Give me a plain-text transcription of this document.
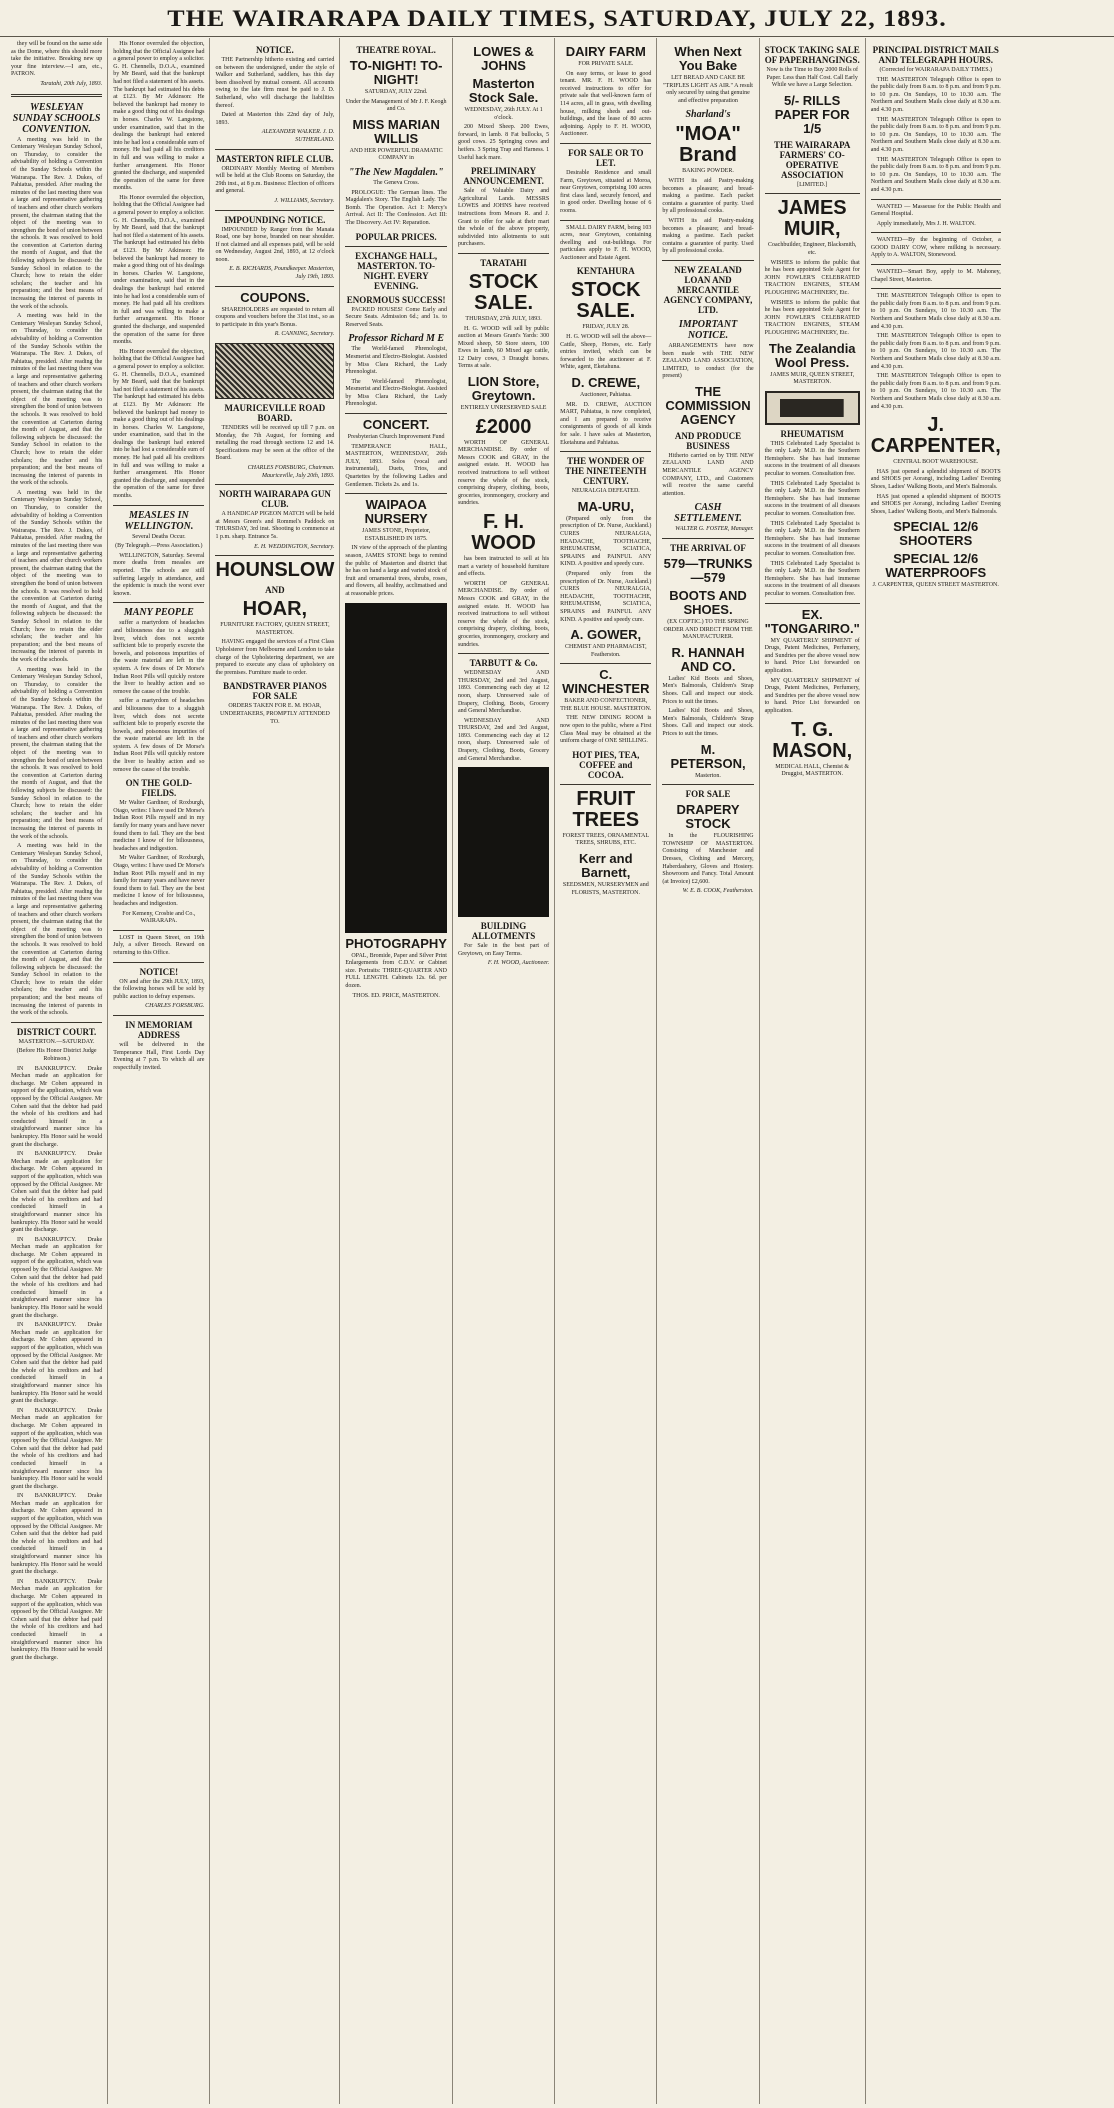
THE WAIRARAPA DAILY TIMES, SATURDAY, JULY 22, 1893.

they will be found on the same side as the Dome, where this should more take the initiative. Breaking new up your fine interview.—I am, etc., PATRON.

Taratahi, 20th July, 1893.

WESLEYAN SUNDAY SCHOOLS CONVENTION.

A meeting was held in the Centenary Wesleyan Sunday School, on Thursday, to consider the advisability of holding a Convention of the Sunday Schools within the Wairarapa. The Rev. J. Dukes, of Pahiatua, presided. After reading the minutes of the last meeting there was a large and representative gathering of teachers and other church workers present, the chairman stating that the object of the meeting was to strengthen the bond of union between the schools. It was resolved to hold the convention at Carterton during the month of August, and that the following subjects be discussed: the Sunday School in relation to the Church; how to retain the elder scholars; the teacher and his preparation; and the best means of increasing the interest of parents in the work of the schools.

A meeting was held in the Centenary Wesleyan Sunday School, on Thursday, to consider the advisability of holding a Convention of the Sunday Schools within the Wairarapa. The Rev. J. Dukes, of Pahiatua, presided. After reading the minutes of the last meeting there was a large and representative gathering of teachers and other church workers present, the chairman stating that the object of the meeting was to strengthen the bond of union between the schools. It was resolved to hold the convention at Carterton during the month of August, and that the following subjects be discussed: the Sunday School in relation to the Church; how to retain the elder scholars; the teacher and his preparation; and the best means of increasing the interest of parents in the work of the schools.

A meeting was held in the Centenary Wesleyan Sunday School, on Thursday, to consider the advisability of holding a Convention of the Sunday Schools within the Wairarapa. The Rev. J. Dukes, of Pahiatua, presided. After reading the minutes of the last meeting there was a large and representative gathering of teachers and other church workers present, the chairman stating that the object of the meeting was to strengthen the bond of union between the schools. It was resolved to hold the convention at Carterton during the month of August, and that the following subjects be discussed: the Sunday School in relation to the Church; how to retain the elder scholars; the teacher and his preparation; and the best means of increasing the interest of parents in the work of the schools.

A meeting was held in the Centenary Wesleyan Sunday School, on Thursday, to consider the advisability of holding a Convention of the Sunday Schools within the Wairarapa. The Rev. J. Dukes, of Pahiatua, presided. After reading the minutes of the last meeting there was a large and representative gathering of teachers and other church workers present, the chairman stating that the object of the meeting was to strengthen the bond of union between the schools. It was resolved to hold the convention at Carterton during the month of August, and that the following subjects be discussed: the Sunday School in relation to the Church; how to retain the elder scholars; the teacher and his preparation; and the best means of increasing the interest of parents in the work of the schools.

A meeting was held in the Centenary Wesleyan Sunday School, on Thursday, to consider the advisability of holding a Convention of the Sunday Schools within the Wairarapa. The Rev. J. Dukes, of Pahiatua, presided. After reading the minutes of the last meeting there was a large and representative gathering of teachers and other church workers present, the chairman stating that the object of the meeting was to strengthen the bond of union between the schools. It was resolved to hold the convention at Carterton during the month of August, and that the following subjects be discussed: the Sunday School in relation to the Church; how to retain the elder scholars; the teacher and his preparation; and the best means of increasing the interest of parents in the work of the schools.

DISTRICT COURT.

MASTERTON.—SATURDAY.

(Before His Honor District Judge Robinson.)

IN BANKRUPTCY. Drake Mechan made an application for discharge. Mr Cohen appeared in support of the application, which was opposed by the Official Assignee. Mr Cohen said that the debtor had paid the whole of his creditors and had conducted himself in a straightforward manner since his bankruptcy. His Honor said he would grant the discharge.

IN BANKRUPTCY. Drake Mechan made an application for discharge. Mr Cohen appeared in support of the application, which was opposed by the Official Assignee. Mr Cohen said that the debtor had paid the whole of his creditors and had conducted himself in a straightforward manner since his bankruptcy. His Honor said he would grant the discharge.

IN BANKRUPTCY. Drake Mechan made an application for discharge. Mr Cohen appeared in support of the application, which was opposed by the Official Assignee. Mr Cohen said that the debtor had paid the whole of his creditors and had conducted himself in a straightforward manner since his bankruptcy. His Honor said he would grant the discharge.

IN BANKRUPTCY. Drake Mechan made an application for discharge. Mr Cohen appeared in support of the application, which was opposed by the Official Assignee. Mr Cohen said that the debtor had paid the whole of his creditors and had conducted himself in a straightforward manner since his bankruptcy. His Honor said he would grant the discharge.

IN BANKRUPTCY. Drake Mechan made an application for discharge. Mr Cohen appeared in support of the application, which was opposed by the Official Assignee. Mr Cohen said that the debtor had paid the whole of his creditors and had conducted himself in a straightforward manner since his bankruptcy. His Honor said he would grant the discharge.

IN BANKRUPTCY. Drake Mechan made an application for discharge. Mr Cohen appeared in support of the application, which was opposed by the Official Assignee. Mr Cohen said that the debtor had paid the whole of his creditors and had conducted himself in a straightforward manner since his bankruptcy. His Honor said he would grant the discharge.

IN BANKRUPTCY. Drake Mechan made an application for discharge. Mr Cohen appeared in support of the application, which was opposed by the Official Assignee. Mr Cohen said that the debtor had paid the whole of his creditors and had conducted himself in a straightforward manner since his bankruptcy. His Honor said he would grant the discharge.

His Honor overruled the objection, holding that the Official Assignee had a general power to employ a solicitor. G. H. Chennells, D.O.A., examined by Mr Beard, said that the bankrupt had not filed a statement of his assets. The bankrupt had estimated his debts at £123. By Mr Atkinson: He believed the bankrupt had money to make a good thing out of his dealings in horses. Charles W. Langstone, under examination, said that in the dealings the bankrupt had entered into he had lost a considerable sum of money. He had paid all his creditors in full and was willing to make a further arrangement. His Honor granted the discharge, and suspended the operation of the same for three months.

His Honor overruled the objection, holding that the Official Assignee had a general power to employ a solicitor. G. H. Chennells, D.O.A., examined by Mr Beard, said that the bankrupt had not filed a statement of his assets. The bankrupt had estimated his debts at £123. By Mr Atkinson: He believed the bankrupt had money to make a good thing out of his dealings in horses. Charles W. Langstone, under examination, said that in the dealings the bankrupt had entered into he had lost a considerable sum of money. He had paid all his creditors in full and was willing to make a further arrangement. His Honor granted the discharge, and suspended the operation of the same for three months.

His Honor overruled the objection, holding that the Official Assignee had a general power to employ a solicitor. G. H. Chennells, D.O.A., examined by Mr Beard, said that the bankrupt had not filed a statement of his assets. The bankrupt had estimated his debts at £123. By Mr Atkinson: He believed the bankrupt had money to make a good thing out of his dealings in horses. Charles W. Langstone, under examination, said that in the dealings the bankrupt had entered into he had lost a considerable sum of money. He had paid all his creditors in full and was willing to make a further arrangement. His Honor granted the discharge, and suspended the operation of the same for three months.

MEASLES IN WELLINGTON.

Several Deaths Occur.

(By Telegraph.—Press Association.)

WELLINGTON, Saturday. Several more deaths from measles are reported. The schools are still suffering largely in attendance, and the epidemic is much the worst ever known.

MANY PEOPLE

suffer a martyrdom of headaches and biliousness due to a sluggish liver, which does not secrete sufficient bile to properly excrete the bowels, and poisonous impurities of the waste material are left in the system. A few doses of Dr Morse's Indian Root Pills will quickly restore the liver to healthy action and so remove the cause of the trouble.

suffer a martyrdom of headaches and biliousness due to a sluggish liver, which does not secrete sufficient bile to properly excrete the bowels, and poisonous impurities of the waste material are left in the system. A few doses of Dr Morse's Indian Root Pills will quickly restore the liver to healthy action and so remove the cause of the trouble.

ON THE GOLD-FIELDS.

Mr Walter Gardiner, of Roxburgh, Otago, writes: I have used Dr Morse's Indian Root Pills myself and in my family for many years and have never found them to fail. They are the best medicine I know of for biliousness, headaches and indigestion.

Mr Walter Gardiner, of Roxburgh, Otago, writes: I have used Dr Morse's Indian Root Pills myself and in my family for many years and have never found them to fail. They are the best medicine I know of for biliousness, headaches and indigestion.

For Kemeny, Crosbie and Co., WAIRARAPA.

LOST in Queen Street, on 19th July, a silver Brooch. Reward on returning to this Office.

NOTICE!

ON and after the 29th JULY, 1893, the following horses will be sold by public auction to defray expenses.

CHARLES FORSBURG.

IN MEMORIAM ADDRESS

will be delivered in the Temperance Hall, First Lords Day Evening at 7 p.m. To which all are respectfully invited.

NOTICE.

THE Partnership hitherto existing and carried on between the undersigned, under the style of Walker and Sutherland, saddlers, has this day been dissolved by mutual consent. All accounts owing to the late firm must be paid to J. D. Sutherland, who will discharge the liabilities thereof.

Dated at Masterton this 22nd day of July, 1893.

ALEXANDER WALKER. J. D. SUTHERLAND.

MASTERTON RIFLE CLUB.

ORDINARY Monthly Meeting of Members will be held at the Club Rooms on Saturday, the 29th inst., at 8 p.m. Business: Election of officers and general.

J. WILLIAMS, Secretary.

IMPOUNDING NOTICE.

IMPOUNDED by Ranger from the Manaia Road, one bay horse, branded on near shoulder. If not claimed and all expenses paid, will be sold on Wednesday, August 2nd, 1893, at 12 o'clock noon.

E. B. RICHARDS, Poundkeeper. Masterton, July 19th, 1893.

COUPONS.

SHAREHOLDERS are requested to return all coupons and vouchers before the 31st inst., so as to participate in this year's Bonus.

R. CANNING, Secretary.

MAURICEVILLE ROAD BOARD.

TENDERS will be received up till 7 p.m. on Monday, the 7th August, for forming and metalling the road through sections 12 and 14. Specifications may be seen at the office of the Board.

CHARLES FORSBURG, Chairman. Mauriceville, July 20th, 1893.

NORTH WAIRARAPA GUN CLUB.

A HANDICAP PIGEON MATCH will be held at Messrs Green's and Rommel's Paddock on THURSDAY, 3rd inst. Shooting to commence at 1 p.m. sharp. Entrance 5s.

E. H. WEDDINGTON, Secretary.

HOUNSLOW
AND
HOAR,

FURNITURE FACTORY, QUEEN STREET, MASTERTON.

HAVING engaged the services of a First Class Upholsterer from Melbourne and London to take charge of the Upholstering department, we are prepared to execute any class of upholstery on the premises. Furniture made to order.

BANDSTRAVER PIANOS FOR SALE

ORDERS TAKEN FOR E. M. HOAR, UNDERTAKERS, PROMPTLY ATTENDED TO.

THEATRE ROYAL.
TO-NIGHT! TO-NIGHT!

SATURDAY, JULY 22nd.

Under the Management of Mr J. F. Keogh and Co.

MISS MARIAN WILLIS

AND HER POWERFUL DRAMATIC COMPANY in

"The New Magdalen."

The Geneva Cross.

PROLOGUE: The German lines. The Magdalen's Story. The English Lady. The Bomb. The Operation. Act I: Mercy's Arrival. Act II: The Confession. Act III: The Discovery. Act IV: Reparation.

POPULAR PRICES.
EXCHANGE HALL, MASTERTON. TO-NIGHT. EVERY EVENING.
ENORMOUS SUCCESS!

PACKED HOUSES! Come Early and Secure Seats. Admission 6d.; and 1s. to Reserved Seats.

Professor Richard M E

The World-famed Phrenologist, Mesmerist and Electro-Biologist. Assisted by Miss Clara Richard, the Lady Phrenologist.

The World-famed Phrenologist, Mesmerist and Electro-Biologist. Assisted by Miss Clara Richard, the Lady Phrenologist.

CONCERT.

Presbyterian Church Improvement Fund

TEMPERANCE HALL, MASTERTON, WEDNESDAY, 26th JULY, 1893. Solos (vocal and instrumental), Duets, Trios, and Quartettes by the following Ladies and Gentlemen. Tickets 2s. and 1s.

WAIPAOA NURSERY

JAMES STONE, Proprietor, ESTABLISHED IN 1875.

IN view of the approach of the planting season, JAMES STONE begs to remind the public of Masterton and district that he has on hand a large and varied stock of fruit and ornamental trees, shrubs, roses, and flowers, all healthy, acclimatised and at reasonable prices.

PHOTOGRAPHY

OPAL, Bromide, Paper and Silver Print Enlargements from C.D.V. or Cabinet size. Portraits: THREE-QUARTER AND FULL LENGTH. Cabinets 12s. 6d. per dozen.

THOS. ED. PRICE, MASTERTON.

LOWES & JOHNS
Masterton Stock Sale.

WEDNESDAY, 26th JULY. At 1 o'clock.

200 Mixed Sheep. 200 Ewes, forward, in lamb. 8 Fat bullocks, 5 good cows. 25 Springing cows and heifers. 3 Spring Trap and Harness. 1 Useful hack mare.

PRELIMINARY ANNOUNCEMENT.

Sale of Valuable Dairy and Agricultural Lands. MESSRS LOWES and JOHNS have received instructions from Messrs R. and J. Grant to offer for sale at their mart the whole of the above property, subdivided into allotments to suit purchasers.

TARATAHI
STOCK SALE.

THURSDAY, 27th JULY, 1893.

H. G. WOOD will sell by public auction at Messrs Grant's Yards: 300 Mixed sheep, 50 Store steers, 100 Ewes in lamb, 60 Mixed age cattle, 12 Dairy cows, 3 Draught horses. Terms at sale.

LION Store, Greytown.

ENTIRELY UNRESERVED SALE

£2000

WORTH OF GENERAL MERCHANDISE. By order of Messrs COOK and GRAY, in the assigned estate. H. WOOD has received instructions to sell without reserve the whole of the stock, comprising drapery, clothing, boots, groceries, ironmongery, crockery and sundries.

F. H. WOOD

has been instructed to sell at his mart a variety of household furniture and effects.

WORTH OF GENERAL MERCHANDISE. By order of Messrs COOK and GRAY, in the assigned estate. H. WOOD has received instructions to sell without reserve the whole of the stock, comprising drapery, clothing, boots, groceries, ironmongery, crockery and sundries.

TARBUTT & Co.

WEDNESDAY AND THURSDAY, 2nd and 3rd August, 1893. Commencing each day at 12 noon, sharp. Unreserved sale of Drapery, Clothing, Boots, Grocery and General Merchandise.

WEDNESDAY AND THURSDAY, 2nd and 3rd August, 1893. Commencing each day at 12 noon, sharp. Unreserved sale of Drapery, Clothing, Boots, Grocery and General Merchandise.

BUILDING ALLOTMENTS

For Sale in the best part of Greytown, on Easy Terms.

F. H. WOOD, Auctioneer.

DAIRY FARM

FOR PRIVATE SALE.

On easy terms, or lease to good tenant. MR. F. H. WOOD has received instructions to offer for private sale that well-known farm of 114 acres, all in grass, with dwelling house, milking sheds and out-buildings, and the lease of 80 acres adjoining. Apply to F. H. WOOD, Auctioneer.

FOR SALE OR TO LET.

Desirable Residence and small Farm, Greytown, situated at Moroa, near Greytown, comprising 100 acres first class land, securely fenced, and in good order. Dwelling house of 6 rooms.

SMALL DAIRY FARM, being 103 acres, near Greytown, containing dwelling and out-buildings. For particulars apply to F. H. WOOD, Auctioneer and Estate Agent.

KENTAHURA
STOCK SALE.

FRIDAY, JULY 28.

H. G. WOOD will sell the above—Cattle, Sheep, Horses, etc. Early entries invited, which can be forwarded to the auctioneer at F. White, agent, Eketahuna.

D. CREWE,

Auctioneer, Pahiatua.

MR. D. CREWE, AUCTION MART, Pahiatua, is now completed, and I am prepared to receive consignments of goods of all kinds for sale. I have sales at Masterton, Eketahuna and Pahiatua.

THE WONDER OF THE NINETEENTH CENTURY.

NEURALGIA DEFEATED.

MA-URU,

(Prepared only from the prescription of Dr. Nurse, Auckland.) CURES NEURALGIA, HEADACHE, TOOTHACHE, RHEUMATISM, SCIATICA, SPRAINS and PAINFUL ANY KIND. A positive and speedy cure.

(Prepared only from the prescription of Dr. Nurse, Auckland.) CURES NEURALGIA, HEADACHE, TOOTHACHE, RHEUMATISM, SCIATICA, SPRAINS and PAINFUL ANY KIND. A positive and speedy cure.

A. GOWER,

CHEMIST AND PHARMACIST, Featherston.

C. WINCHESTER

BAKER AND CONFECTIONER, THE BLUE HOUSE. MASTERTON.

THE NEW DINING ROOM is now open to the public, where a First Class Meal may be obtained at the uniform charge of ONE SHILLING.

HOT PIES, TEA, COFFEE and COCOA.
FRUIT TREES

FOREST TREES, ORNAMENTAL TREES, SHRUBS, ETC.

Kerr and Barnett,

SEEDSMEN, NURSERYMEN and FLORISTS, MASTERTON.

When Next You Bake

LET BREAD AND CAKE BE "TRIFLES LIGHT AS AIR." A result only secured by using that genuine and effective preparation

Sharland's
"MOA" Brand

BAKING POWDER.

WITH its aid Pastry-making becomes a pleasure; and bread-making a pastime. Each packet contains a guarantee of purity. Used by all professional cooks.

WITH its aid Pastry-making becomes a pleasure; and bread-making a pastime. Each packet contains a guarantee of purity. Used by all professional cooks.

NEW ZEALAND LOAN AND MERCANTILE AGENCY COMPANY, LTD.
IMPORTANT NOTICE.

ARRANGEMENTS have now been made with THE NEW ZEALAND LAND ASSOCIATION, LIMITED, to conduct (for the present)

THE COMMISSION AGENCY
AND PRODUCE BUSINESS

Hitherto carried on by THE NEW ZEALAND LAND AND MERCANTILE AGENCY COMPANY, LTD., and Customers will receive the same careful attention.

CASH SETTLEMENT.

WALTER G. FOSTER, Manager.

THE ARRIVAL OF
579—TRUNKS—579
BOOTS AND SHOES.

(EX COPTIC.) TO THE SPRING ORDER AND DIRECT FROM THE MANUFACTURER.

R. HANNAH AND CO.

Ladies' Kid Boots and Shoes, Men's Balmorals, Children's Strap Shoes. Call and inspect our stock. Prices to suit the times.

Ladies' Kid Boots and Shoes, Men's Balmorals, Children's Strap Shoes. Call and inspect our stock. Prices to suit the times.

M. PETERSON,

Masterton.

FOR SALE
DRAPERY STOCK

In the FLOURISHING TOWNSHIP OF MASTERTON. Consisting of Manchester and Dresses, Clothing and Mercery, Haberdashery, Gloves and Hosiery. Showroom and Fancy. Total Amount (at Invoice) £2,600.

W. E. B. COOK, Featherston.

STOCK TAKING SALE OF PAPERHANGINGS.

Now is the Time to Buy 2000 Rolls of Paper. Less than Half Cost. Call Early While we have a Large Selection.

5/- RILLS PAPER FOR 1/5
THE WAIRARAPA FARMERS' CO-OPERATIVE ASSOCIATION

[LIMITED.]

JAMES MUIR,

Coachbuilder, Engineer, Blacksmith, etc.

WISHES to inform the public that he has been appointed Sole Agent for JOHN FOWLER'S CELEBRATED TRACTION ENGINES, STEAM PLOUGHING MACHINERY, Etc.

WISHES to inform the public that he has been appointed Sole Agent for JOHN FOWLER'S CELEBRATED TRACTION ENGINES, STEAM PLOUGHING MACHINERY, Etc.

The Zealandia Wool Press.

JAMES MUIR, QUEEN STREET, MASTERTON.

RHEUMATISM

THIS Celebrated Lady Specialist is the only Lady M.D. in the Southern Hemisphere. She has had immense success in the treatment of all diseases peculiar to women. Consultation free.

THIS Celebrated Lady Specialist is the only Lady M.D. in the Southern Hemisphere. She has had immense success in the treatment of all diseases peculiar to women. Consultation free.

THIS Celebrated Lady Specialist is the only Lady M.D. in the Southern Hemisphere. She has had immense success in the treatment of all diseases peculiar to women. Consultation free.

THIS Celebrated Lady Specialist is the only Lady M.D. in the Southern Hemisphere. She has had immense success in the treatment of all diseases peculiar to women. Consultation free.

EX. "TONGARIRO."

MY QUARTERLY SHIPMENT of Drugs, Patent Medicines, Perfumery, and Sundries per the above vessel now to hand. Price List forwarded on application.

MY QUARTERLY SHIPMENT of Drugs, Patent Medicines, Perfumery, and Sundries per the above vessel now to hand. Price List forwarded on application.

T. G. MASON,

MEDICAL HALL, Chemist & Druggist, MASTERTON.

PRINCIPAL DISTRICT MAILS AND TELEGRAPH HOURS.

(Corrected for WAIRARAPA DAILY TIMES.)

THE MASTERTON Telegraph Office is open to the public daily from 8 a.m. to 8 p.m. and from 9 p.m. to 10 p.m. On Sundays, 10 to 10.30 a.m. The Northern and Southern Mails close daily at 8.30 a.m. and 4.30 p.m.

THE MASTERTON Telegraph Office is open to the public daily from 8 a.m. to 8 p.m. and from 9 p.m. to 10 p.m. On Sundays, 10 to 10.30 a.m. The Northern and Southern Mails close daily at 8.30 a.m. and 4.30 p.m.

THE MASTERTON Telegraph Office is open to the public daily from 8 a.m. to 8 p.m. and from 9 p.m. to 10 p.m. On Sundays, 10 to 10.30 a.m. The Northern and Southern Mails close daily at 8.30 a.m. and 4.30 p.m.

WANTED — Masseuse for the Public Health and General Hospital.

Apply immediately, Mrs J. H. WALTON.

WANTED—By the beginning of October, a GOOD DAIRY COW, where milking is necessary. Apply to A. WALTON, Stonewood.

WANTED—Smart Boy, apply to M. Mahoney, Chapel Street, Masterton.

THE MASTERTON Telegraph Office is open to the public daily from 8 a.m. to 8 p.m. and from 9 p.m. to 10 p.m. On Sundays, 10 to 10.30 a.m. The Northern and Southern Mails close daily at 8.30 a.m. and 4.30 p.m.

THE MASTERTON Telegraph Office is open to the public daily from 8 a.m. to 8 p.m. and from 9 p.m. to 10 p.m. On Sundays, 10 to 10.30 a.m. The Northern and Southern Mails close daily at 8.30 a.m. and 4.30 p.m.

THE MASTERTON Telegraph Office is open to the public daily from 8 a.m. to 8 p.m. and from 9 p.m. to 10 p.m. On Sundays, 10 to 10.30 a.m. The Northern and Southern Mails close daily at 8.30 a.m. and 4.30 p.m.

J. CARPENTER,

CENTRAL BOOT WAREHOUSE.

HAS just opened a splendid shipment of BOOTS and SHOES per Aorangi, including Ladies' Evening Shoes, Ladies' Walking Boots, and Men's Balmorals.

HAS just opened a splendid shipment of BOOTS and SHOES per Aorangi, including Ladies' Evening Shoes, Ladies' Walking Boots, and Men's Balmorals.

SPECIAL 12/6 SHOOTERS
SPECIAL 12/6 WATERPROOFS

J. CARPENTER, QUEEN STREET MASTERTON.
